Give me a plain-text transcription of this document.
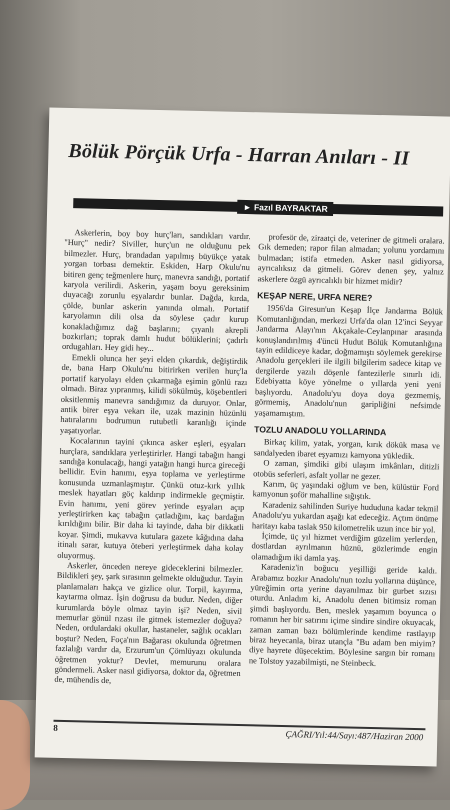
Bölük Pörçük Urfa - Harran Anıları - II
► Fazıl BAYRAKTAR

Askerlerin, boy boy hurç'ları, sandıkları vardır. "Hurç" nedir? Siviller, hurç'un ne olduğunu pek bilmezler. Hurç, brandadan yapılmış büyükçe yatak yorgan torbası demektir. Eskiden, Harp Okulu'nu bitiren genç teğmenlere hurç, manevra sandığı, portatif karyola verilirdi. Askerin, yaşam boyu gereksinim duyacağı zorunlu eşyalardır bunlar. Dağda, kırda, çölde, bunlar askerin yanında olmalı. Portatif karyolamın dili olsa da söylese çadır kurup konakladığımız dağ başlarını; çıyanlı akrepli bozkırları; toprak damlı hudut bölüklerini; çadırlı ordugahları. Hey gidi hey...

Emekli olunca her şeyi elden çıkardık, değiştirdik de, bana Harp Okulu'nu bitirirken verilen hurç'la portatif karyolayı elden çıkarmağa eşimin gönlü razı olmadı. Biraz yıpranmış, kilidi sökülmüş, köşebentleri oksitlenmiş manevra sandığımız da duruyor. Onlar, antik birer eşya vekarı ile, uzak mazinin hüzünlü hatıralarını bodrumun rutubetli karanlığı içinde yaşatıyorlar.

Kocalarının tayini çıkınca asker eşleri, eşyaları hurçlara, sandıklara yerleştirirler. Hangi tabağın hangi sandığa konulacağı, hangi yatağın hangi hurca gireceği bellidir. Evin hanımı, eşya toplama ve yerleştirme konusunda uzmanlaşmıştır. Çünkü otuz-kırk yıllık meslek hayatları göç kaldırıp indirmekle geçmiştir. Evin hanımı, yeni görev yerinde eşyaları açıp yerleştirirken kaç tabağın çatladığını, kaç bardağın kırıldığını bilir. Bir daha ki tayinde, daha bir dikkatli koyar. Şimdi, mukavva kutulara gazete kâğıdına daha itinalı sarar, kutuya öteberi yerleştirmek daha kolay oluyormuş.

Askerler, önceden nereye gideceklerini bilmezler. Bildikleri şey, şark sırasının gelmekte olduğudur. Tayin planlamaları hakça ve gizlice olur. Torpil, kayırma, kaytarma olmaz. İşin doğrusu da budur. Neden, diğer kurumlarda böyle olmaz tayin işi? Neden, sivil memurlar gönül rızası ile gitmek istemezler doğuya? Neden, ordulardaki okullar, hastaneler, sağlık ocakları boştur? Neden, Foça'nın Bağarası okulunda öğretmen fazlalığı vardır da, Erzurum'un Çömlüyazı okulunda öğretmen yoktur? Devlet, memurunu oralara göndermeli. Asker nasıl gidiyorsa, doktor da, öğretmen de, mühendis de,

profesör de, ziraatçi de, veteriner de gitmeli oralara. Gık demeden; rapor filan almadan; yolunu yordamını bulmadan; istifa etmeden. Asker nasıl gidiyorsa, ayrıcalıksız da gitmeli. Görev denen şey, yalnız askerlere özgü ayrıcalıklı bir hizmet midir?

KEŞAP NERE, URFA NERE?

1956'da Giresun'un Keşap İlçe Jandarma Bölük Komutanlığından, merkezi Urfa'da olan 12'inci Seyyar Jandarma Alayı'nın Akçakale-Ceylanpınar arasında konuşlandırılmış 4'üncü Hudut Bölük Komutanlığına tayin edildiceye kadar, doğmamıştı söylemek gerekirse Anadolu gerçekleri ile ilgili bilgilerim sadece kitap ve dergilerde yazılı döşenle fantezilerle sınırlı idi. Edebiyatta köye yönelme o yıllarda yeni yeni başlıyordu. Anadolu'yu doya doya gezmemiş, görmemiş, Anadolu'nun garipliğini nefsimde yaşamamıştım.

TOZLU ANADOLU YOLLARINDA

Birkaç kilim, yatak, yorgan, kırık dökük masa ve sandalyeden ibaret eşyamızı kamyona yükledik.

O zaman, şimdiki gibi ulaşım imkânları, ditizli otobüs seferleri, asfalt yollar ne gezer.

Karım, üç yaşındaki oğlum ve ben, külüstür Ford kamyonun şoför mahalline sığıştık.

Karadeniz sahilinden Suriye hududuna kadar tekmil Anadolu'yu yukardan aşağı kat edeceğiz. Açtım önüme haritayı kaba taslak 950 kilometrelik uzun ince bir yol.

İçimde, üç yıl hizmet verdiğim güzelim yerlerden, dostlardan ayrılmanın hüznü, gözlerimde engin olamadığım iki damla yaş.

Karadeniz'in boğucu yeşilliği geride kaldı. Arabamız bozkır Anadolu'nun tozlu yollarına düşünce, yüreğimin orta yerine dayanılmaz bir gurbet sızısı oturdu. Anladım ki, Anadolu denen bitimsiz roman şimdi başlıyordu. Ben, meslek yaşamım boyunca o romanın her bir satırını içime sindire sindire okuyacak, zaman zaman bazı bölümlerinde kendime rastlayıp biraz heyecanla, biraz utançla "Bu adam ben miyim? diye hayrete düşecektim. Böylesine sargın bir romanı ne Tolstoy yazabilmişti, ne Steinbeck.

8
ÇAĞRI/Yıl:44/Sayı:487/Haziran 2000
